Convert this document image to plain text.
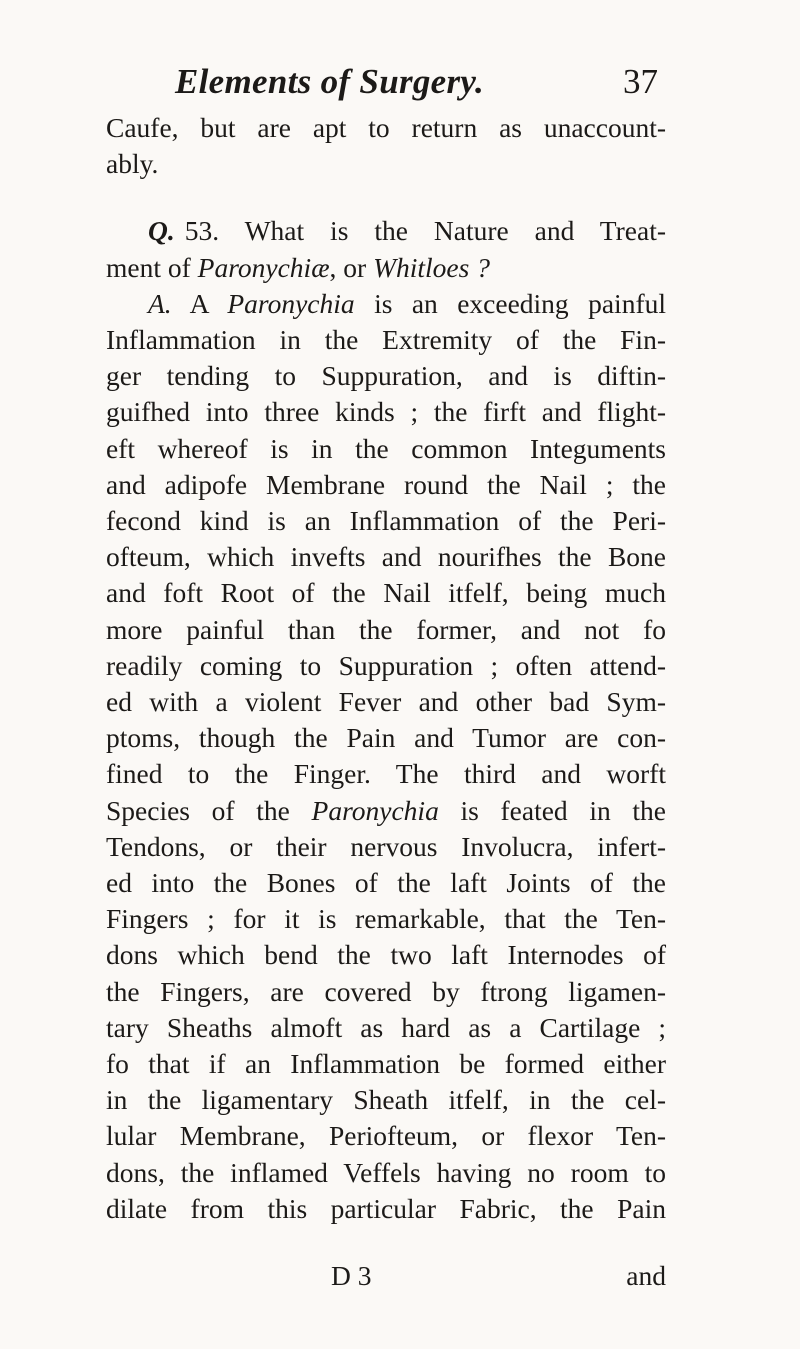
Elements of Surgery.	37
Caufe, but are apt to return as unaccount-
ably.
Q. 53. What is the Nature and Treat-
ment of Paronychiæ, or Whitloes ?
A. A Paronychia is an exceeding painful
Inflammation in the Extremity of the Fin-
ger tending to Suppuration, and is diftin-
guifhed into three kinds ; the firft and flight-
eft whereof is in the common Integuments
and adipofe Membrane round the Nail ; the
fecond kind is an Inflammation of the Peri-
ofteum, which invefts and nourifhes the Bone
and foft Root of the Nail itfelf, being much
more painful than the former, and not fo
readily coming to Suppuration ; often attend-
ed with a violent Fever and other bad Sym-
ptoms, though the Pain and Tumor are con-
fined to the Finger. The third and worft
Species of the Paronychia is feated in the
Tendons, or their nervous Involucra, infert-
ed into the Bones of the laft Joints of the
Fingers ; for it is remarkable, that the Ten-
dons which bend the two laft Internodes of
the Fingers, are covered by ftrong ligamen-
tary Sheaths almoft as hard as a Cartilage ;
fo that if an Inflammation be formed either
in the ligamentary Sheath itfelf, in the cel-
lular Membrane, Periofteum, or flexor Ten-
dons, the inflamed Veffels having no room to
dilate from this particular Fabric, the Pain
D 3	and
